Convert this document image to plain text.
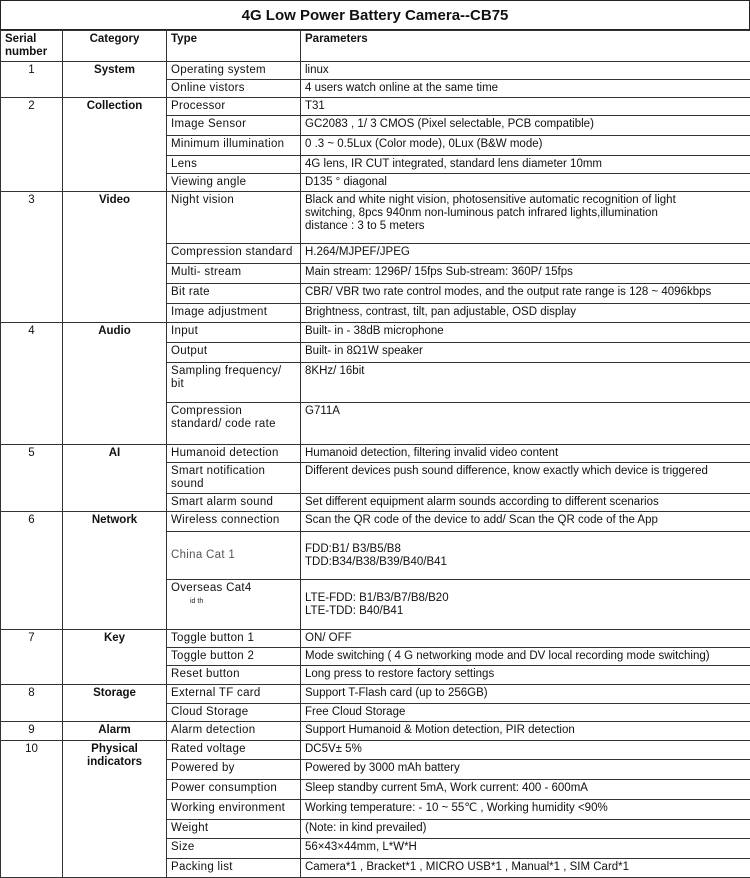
4G Low Power Battery Camera--CB75
Serial number	Category	Type	Parameters
1	System	Operating system	linux

		Online vistors	4 users watch online at the same time

2	Collection	Processor	T31

		Image Sensor	GC2083 , 1/ 3 CMOS (Pixel selectable, PCB compatible)

		Minimum illumination	0 .3 ~ 0.5Lux (Color mode), 0Lux (B&W mode)

		Lens	4G lens, IR CUT integrated, standard lens diameter 10mm

		Viewing angle	D135 ° diagonal

3	Video	Night vision	Black and white night vision, photosensitive automatic recognition of light
switching, 8pcs 940nm non-luminous patch infrared lights,illumination
distance : 3 to 5 meters

		Compression standard	H.264/MJPEF/JPEG

		Multi- stream	Main stream: 1296P/ 15fps Sub-stream: 360P/ 15fps

		Bit rate	CBR/ VBR two rate control modes, and the output rate range is 128 ~ 4096kbps

		Image adjustment	Brightness, contrast, tilt, pan adjustable, OSD display

4	Audio	Input	Built- in - 38dB microphone

		Output	Built- in 8Ω1W speaker

		Sampling frequency/ bit	8KHz/ 16bit

		Compression standard/ code rate	G711A

5	AI	Humanoid detection	Humanoid detection, filtering invalid video content

		Smart notification sound	Different devices push sound difference, know exactly which device is triggered

		Smart alarm sound	Set different equipment alarm sounds according to different scenarios

6	Network	Wireless connection	Scan the QR code of the device to add/ Scan the QR code of the App

		China Cat 1	FDD:B1/ B3/B5/B8
TDD:B34/B38/B39/B40/B41

		Overseas Cat4	LTE-FDD: B1/B3/B7/B8/B20
LTE-TDD: B40/B41

7	Key	Toggle button 1	ON/ OFF

		Toggle button 2	Mode switching ( 4 G networking mode and DV local recording mode switching)

		Reset button	Long press to restore factory settings

8	Storage	External TF card	Support T-Flash card (up to 256GB)

		Cloud Storage	Free Cloud Storage

9	Alarm	Alarm detection	Support Humanoid & Motion detection, PIR detection

10	Physical indicators	Rated voltage	DC5V± 5%

		Powered by	Powered by 3000 mAh battery

		Power consumption	Sleep standby current 5mA, Work current: 400 - 600mA

		Working environment	Working temperature: - 10 ~ 55℃ , Working humidity <90%

		Weight	(Note: in kind prevailed)

		Size	56×43×44mm, L*W*H

		Packing list	Camera*1 , Bracket*1 , MICRO USB*1 , Manual*1 , SIM Card*1
id th
